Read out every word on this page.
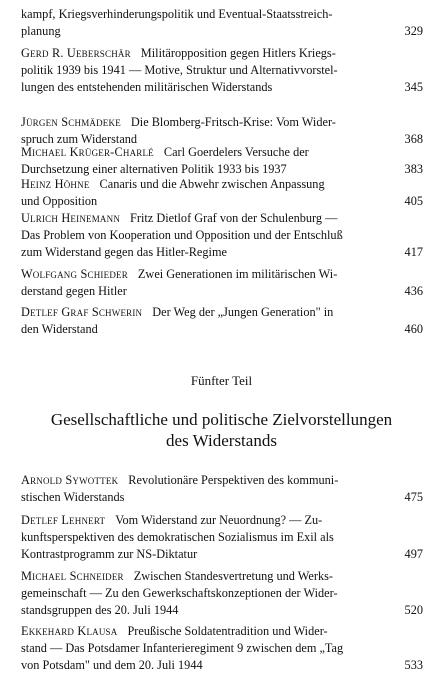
kampf, Kriegsverhinderungspolitik und Eventual-Staatsstreich-
planung	329
Gerd R. Ueberschär Militäropposition gegen Hitlers Kriegs-
politik 1939 bis 1941 — Motive, Struktur und Alternativvorstel-
lungen des entstehenden militärischen Widerstands	345
Jürgen Schmädeke Die Blomberg-Fritsch-Krise: Vom Wider-
spruch zum Widerstand	368
Michael Krüger-Charlé Carl Goerdelers Versuche der
Durchsetzung einer alternativen Politik 1933 bis 1937	383
Heinz Höhne Canaris und die Abwehr zwischen Anpassung
und Opposition	405
Ulrich Heinemann Fritz Dietlof Graf von der Schulenburg —
Das Problem von Kooperation und Opposition und der Entschluß
zum Widerstand gegen das Hitler-Regime	417
Wolfgang Schieder Zwei Generationen im militärischen Wi-
derstand gegen Hitler	436
Detlef Graf Schwerin Der Weg der „Jungen Generation" in
den Widerstand	460
Fünfter Teil
Gesellschaftliche und politische Zielvorstellungen
des Widerstands
Arnold Sywottek Revolutionäre Perspektiven des kommuni-
stischen Widerstands	475
Detlef Lehnert Vom Widerstand zur Neuordnung? — Zu-
kunftsperspektiven des demokratischen Sozialismus im Exil als
Kontrastprogramm zur NS-Diktatur	497
Michael Schneider Zwischen Standesvertretung und Werks-
gemeinschaft — Zu den Gewerkschaftskonzeptionen der Wider-
standsgruppen des 20. Juli 1944	520
Ekkehard Klausa Preußische Soldatentradition und Wider-
stand — Das Potsdamer Infanterieregiment 9 zwischen dem „Tag
von Potsdam" und dem 20. Juli 1944	533
